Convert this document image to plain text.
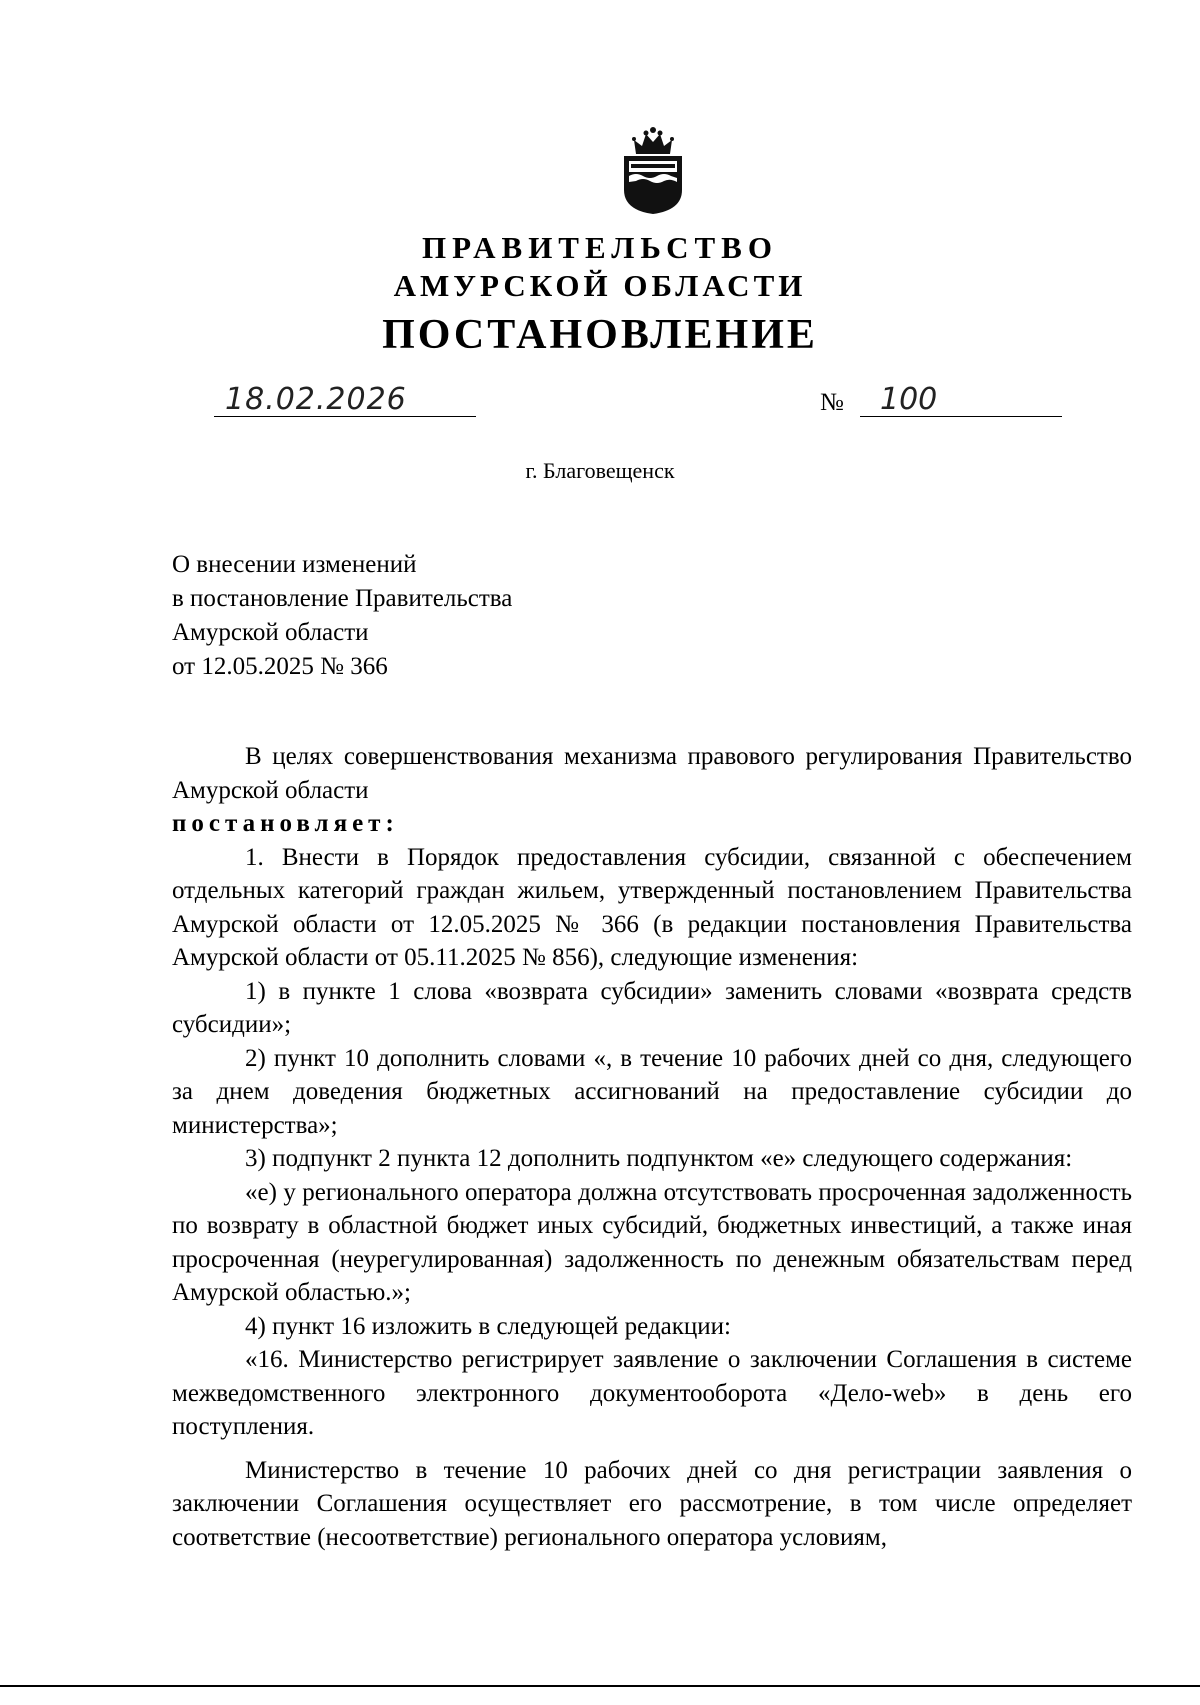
ПРАВИТЕЛЬСТВО
АМУРСКОЙ ОБЛАСТИ
ПОСТАНОВЛЕНИЕ
18.02.2026	№ 100
г. Благовещенск
О внесении изменений
в постановление Правительства
Амурской области
от 12.05.2025 № 366

В целях совершенствования механизма правового регулирования Правительство Амурской области

постановляет:

1. Внести в Порядок предоставления субсидии, связанной с обеспечением отдельных категорий граждан жильем, утвержденный постановлением Правительства Амурской области от 12.05.2025 № 366 (в редакции постановления Правительства Амурской области от 05.11.2025 № 856), следующие изменения:

1) в пункте 1 слова «возврата субсидии» заменить словами «возврата средств субсидии»;

2) пункт 10 дополнить словами «, в течение 10 рабочих дней со дня, следующего за днем доведения бюджетных ассигнований на предоставление субсидии до министерства»;

3) подпункт 2 пункта 12 дополнить подпунктом «е» следующего содержания:

«е) у регионального оператора должна отсутствовать просроченная задолженность по возврату в областной бюджет иных субсидий, бюджетных инвестиций, а также иная просроченная (неурегулированная) задолженность по денежным обязательствам перед Амурской областью.»;

4) пункт 16 изложить в следующей редакции:

«16. Министерство регистрирует заявление о заключении Соглашения в системе межведомственного электронного документооборота «Дело-web» в день его поступления.

Министерство в течение 10 рабочих дней со дня регистрации заявления о заключении Соглашения осуществляет его рассмотрение, в том числе определяет соответствие (несоответствие) регионального оператора условиям,
